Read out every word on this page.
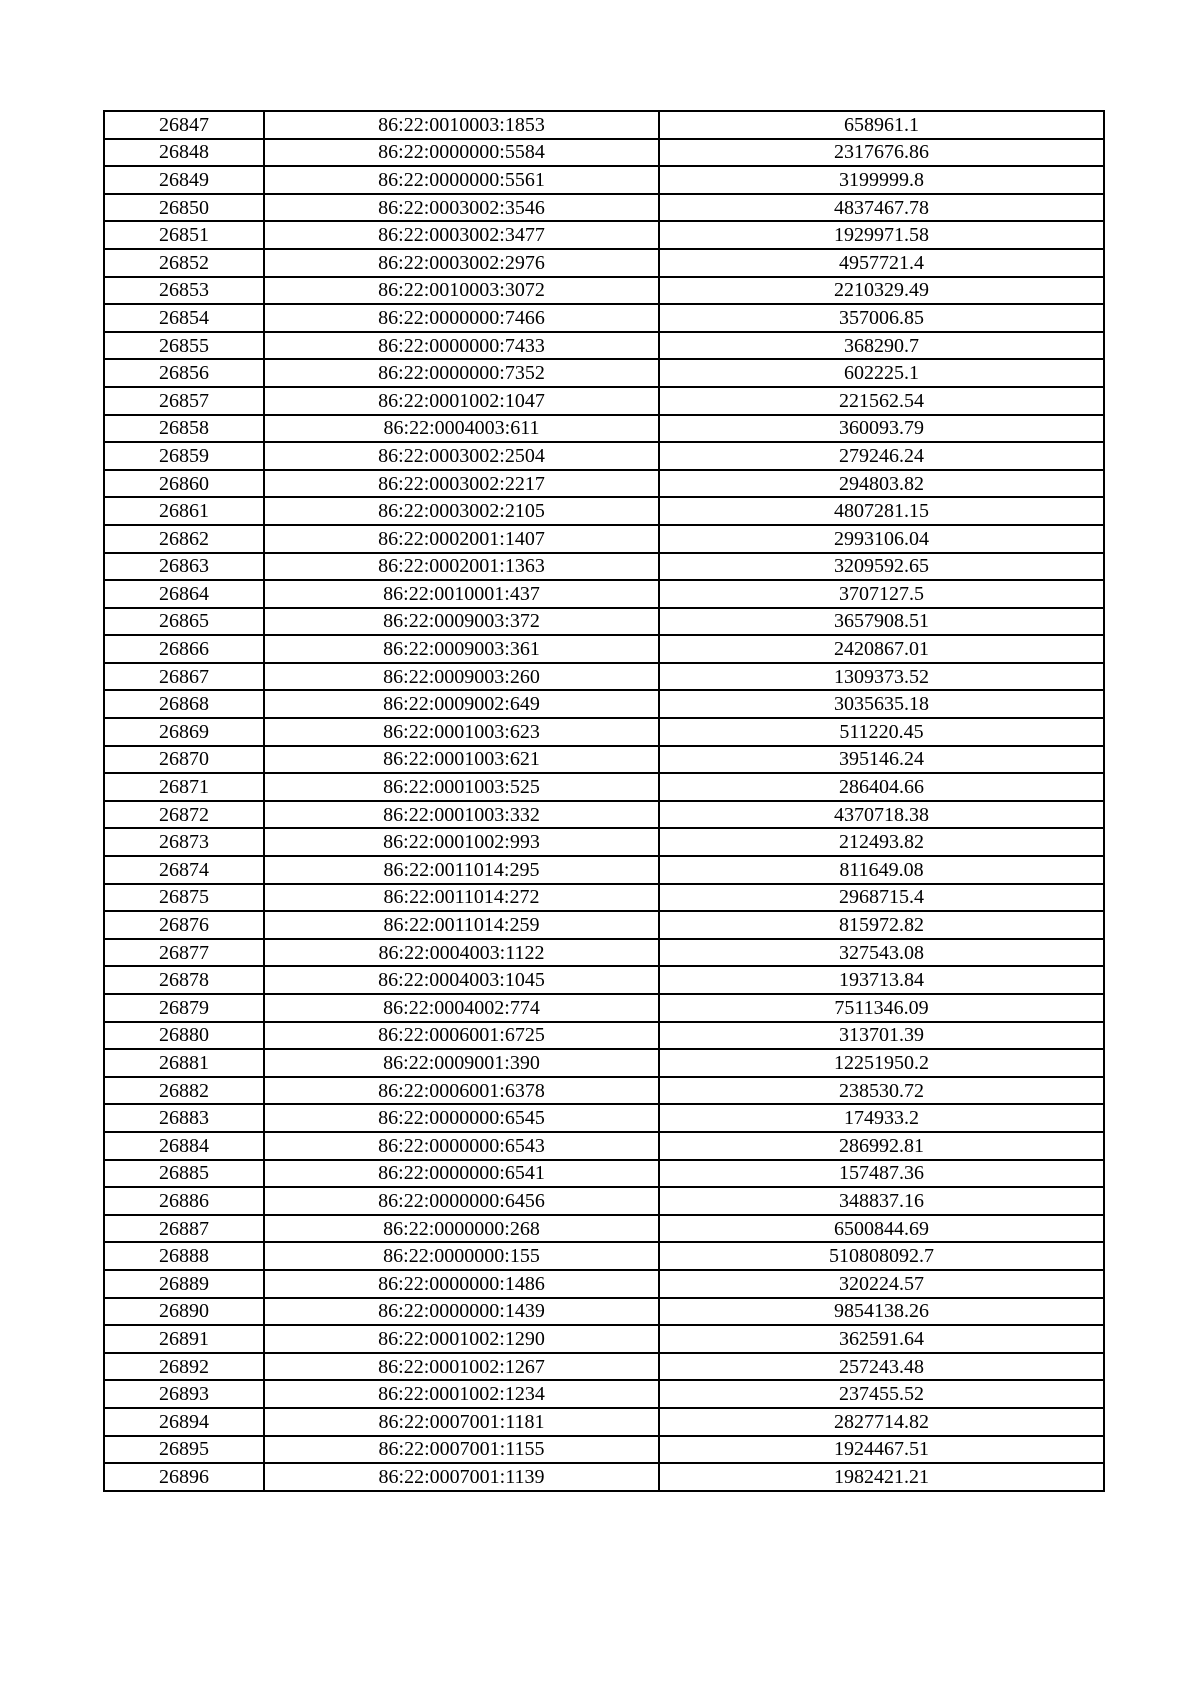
26847	86:22:0010003:1853	658961.1
26848	86:22:0000000:5584	2317676.86
26849	86:22:0000000:5561	3199999.8
26850	86:22:0003002:3546	4837467.78
26851	86:22:0003002:3477	1929971.58
26852	86:22:0003002:2976	4957721.4
26853	86:22:0010003:3072	2210329.49
26854	86:22:0000000:7466	357006.85
26855	86:22:0000000:7433	368290.7
26856	86:22:0000000:7352	602225.1
26857	86:22:0001002:1047	221562.54
26858	86:22:0004003:611	360093.79
26859	86:22:0003002:2504	279246.24
26860	86:22:0003002:2217	294803.82
26861	86:22:0003002:2105	4807281.15
26862	86:22:0002001:1407	2993106.04
26863	86:22:0002001:1363	3209592.65
26864	86:22:0010001:437	3707127.5
26865	86:22:0009003:372	3657908.51
26866	86:22:0009003:361	2420867.01
26867	86:22:0009003:260	1309373.52
26868	86:22:0009002:649	3035635.18
26869	86:22:0001003:623	511220.45
26870	86:22:0001003:621	395146.24
26871	86:22:0001003:525	286404.66
26872	86:22:0001003:332	4370718.38
26873	86:22:0001002:993	212493.82
26874	86:22:0011014:295	811649.08
26875	86:22:0011014:272	2968715.4
26876	86:22:0011014:259	815972.82
26877	86:22:0004003:1122	327543.08
26878	86:22:0004003:1045	193713.84
26879	86:22:0004002:774	7511346.09
26880	86:22:0006001:6725	313701.39
26881	86:22:0009001:390	12251950.2
26882	86:22:0006001:6378	238530.72
26883	86:22:0000000:6545	174933.2
26884	86:22:0000000:6543	286992.81
26885	86:22:0000000:6541	157487.36
26886	86:22:0000000:6456	348837.16
26887	86:22:0000000:268	6500844.69
26888	86:22:0000000:155	510808092.7
26889	86:22:0000000:1486	320224.57
26890	86:22:0000000:1439	9854138.26
26891	86:22:0001002:1290	362591.64
26892	86:22:0001002:1267	257243.48
26893	86:22:0001002:1234	237455.52
26894	86:22:0007001:1181	2827714.82
26895	86:22:0007001:1155	1924467.51
26896	86:22:0007001:1139	1982421.21
